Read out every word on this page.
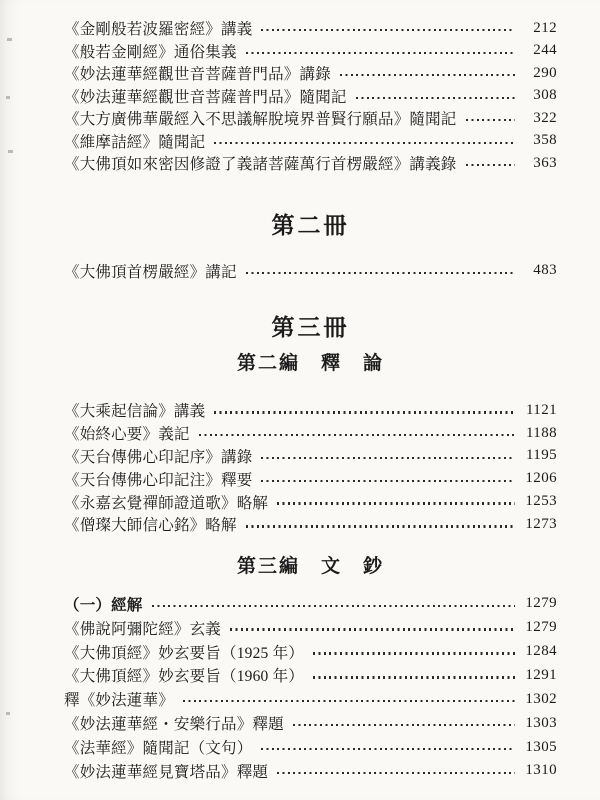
《金剛般若波羅密經》講義	212
《般若金剛經》通俗集義	244
《妙法蓮華經觀世音菩薩普門品》講錄	290
《妙法蓮華經觀世音菩薩普門品》隨聞記	308
《大方廣佛華嚴經入不思議解脫境界普賢行願品》隨聞記	322
《維摩詰經》隨聞記	358
《大佛頂如來密因修證了義諸菩薩萬行首楞嚴經》講義錄	363
第二冊
《大佛頂首楞嚴經》講記	483
第三冊
第二編　釋　論
《大乘起信論》講義	1121
《始終心要》義記	1188
《天台傳佛心印記序》講錄	1195
《天台傳佛心印記注》釋要	1206
《永嘉玄覺禪師證道歌》略解	1253
《僧璨大師信心銘》略解	1273
第三編　文　鈔
（一）經解	1279
《佛說阿彌陀經》玄義	1279
《大佛頂經》妙玄要旨（1925 年）	1284
《大佛頂經》妙玄要旨（1960 年）	1291
釋《妙法蓮華》	1302
《妙法蓮華經・安樂行品》釋題	1303
《法華經》隨聞記（文句）	1305
《妙法蓮華經見寶塔品》釋題	1310
